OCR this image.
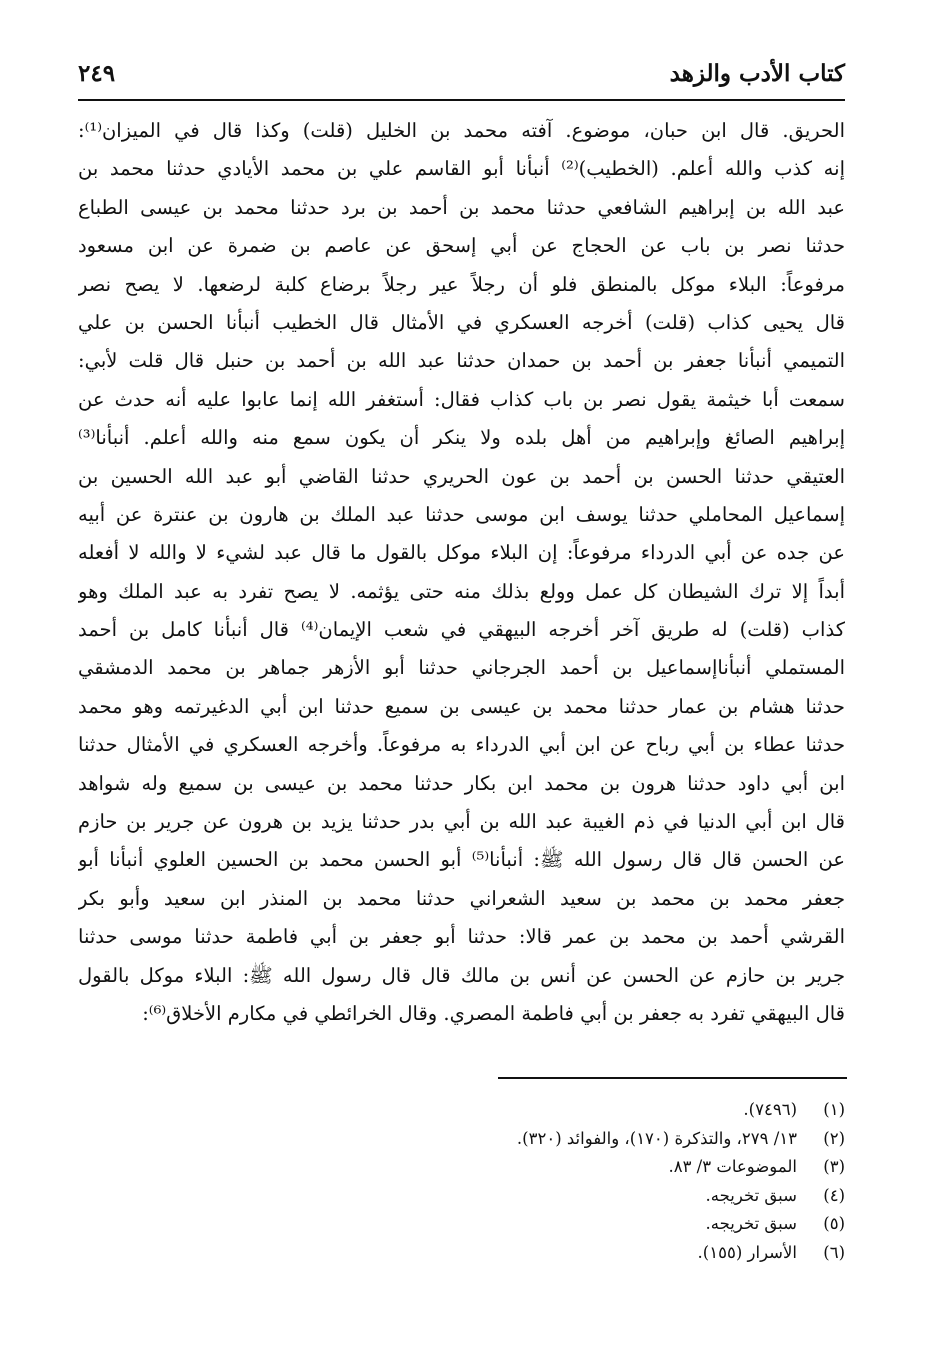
كتاب الأدب والزهد
٢٤٩
الحريق. قال ابن حبان، موضوع. آفته محمد بن الخليل (قلت) وكذا قال في الميزان⁽¹⁾:
إنه كذب والله أعلم. (الخطيب)⁽²⁾ أنبأنا أبو القاسم علي بن محمد الأيادي حدثنا محمد بن
عبد الله بن إبراهيم الشافعي حدثنا محمد بن أحمد بن برد حدثنا محمد بن عيسى الطباع
حدثنا نصر بن باب عن الحجاج عن أبي إسحق عن عاصم بن ضمرة عن ابن مسعود
مرفوعاً: البلاء موكل بالمنطق فلو أن رجلاً عير رجلاً برضاع كلبة لرضعها. لا يصح نصر
قال يحيى كذاب (قلت) أخرجه العسكري في الأمثال قال الخطيب أنبأنا الحسن بن علي
التميمي أنبأنا جعفر بن أحمد بن حمدان حدثنا عبد الله بن أحمد بن حنبل قال قلت لأبي:
سمعت أبا خيثمة يقول نصر بن باب كذاب فقال: أستغفر الله إنما عابوا عليه أنه حدث عن
إبراهيم الصائغ وإبراهيم من أهل بلده ولا ينكر أن يكون سمع منه والله أعلم. أنبأنا⁽³⁾
العتيقي حدثنا الحسن بن أحمد بن عون الحريري حدثنا القاضي أبو عبد الله الحسين بن
إسماعيل المحاملي حدثنا يوسف ابن موسى حدثنا عبد الملك بن هارون بن عنترة عن أبيه
عن جده عن أبي الدرداء مرفوعاً: إن البلاء موكل بالقول ما قال عبد لشيء لا والله لا أفعله
أبداً إلا ترك الشيطان كل عمل وولع بذلك منه حتى يؤثمه. لا يصح تفرد به عبد الملك وهو
كذاب (قلت) له طريق آخر أخرجه البيهقي في شعب الإيمان⁽⁴⁾ قال أنبأنا كامل بن أحمد
المستملي أنبأناإسماعيل بن أحمد الجرجاني حدثنا أبو الأزهر جماهر بن محمد الدمشقي
حدثنا هشام بن عمار حدثنا محمد بن عيسى بن سميع حدثنا ابن أبي الدغيرتمه وهو محمد
حدثنا عطاء بن أبي رباح عن ابن أبي الدرداء به مرفوعاً. وأخرجه العسكري في الأمثال حدثنا
ابن أبي داود حدثنا هرون بن محمد ابن بكار حدثنا محمد بن عيسى بن سميع وله شواهد
قال ابن أبي الدنيا في ذم الغيبة عبد الله بن أبي بدر حدثنا يزيد بن هرون عن جرير بن حازم
عن الحسن قال قال رسول الله ﷺ: أنبأنا⁽⁵⁾ أبو الحسن محمد بن الحسين العلوي أنبأنا أبو
جعفر محمد بن محمد بن سعيد الشعراني حدثنا محمد بن المنذر ابن سعيد وأبو بكر
القرشي أحمد بن محمد بن عمر قالا: حدثنا أبو جعفر بن أبي فاطمة حدثنا موسى حدثنا
جرير بن حازم عن الحسن عن أنس بن مالك قال قال رسول الله ﷺ: البلاء موكل بالقول
قال البيهقي تفرد به جعفر بن أبي فاطمة المصري. وقال الخرائطي في مكارم الأخلاق⁽⁶⁾:
(١)(٧٤٩٦).
(٢)١٣/ ٢٧٩، والتذكرة (١٧٠)، والفوائد (٣٢٠).
(٣)الموضوعات ٣/ ٨٣.
(٤)سبق تخريجه.
(٥)سبق تخريجه.
(٦)الأسرار (١٥٥).
